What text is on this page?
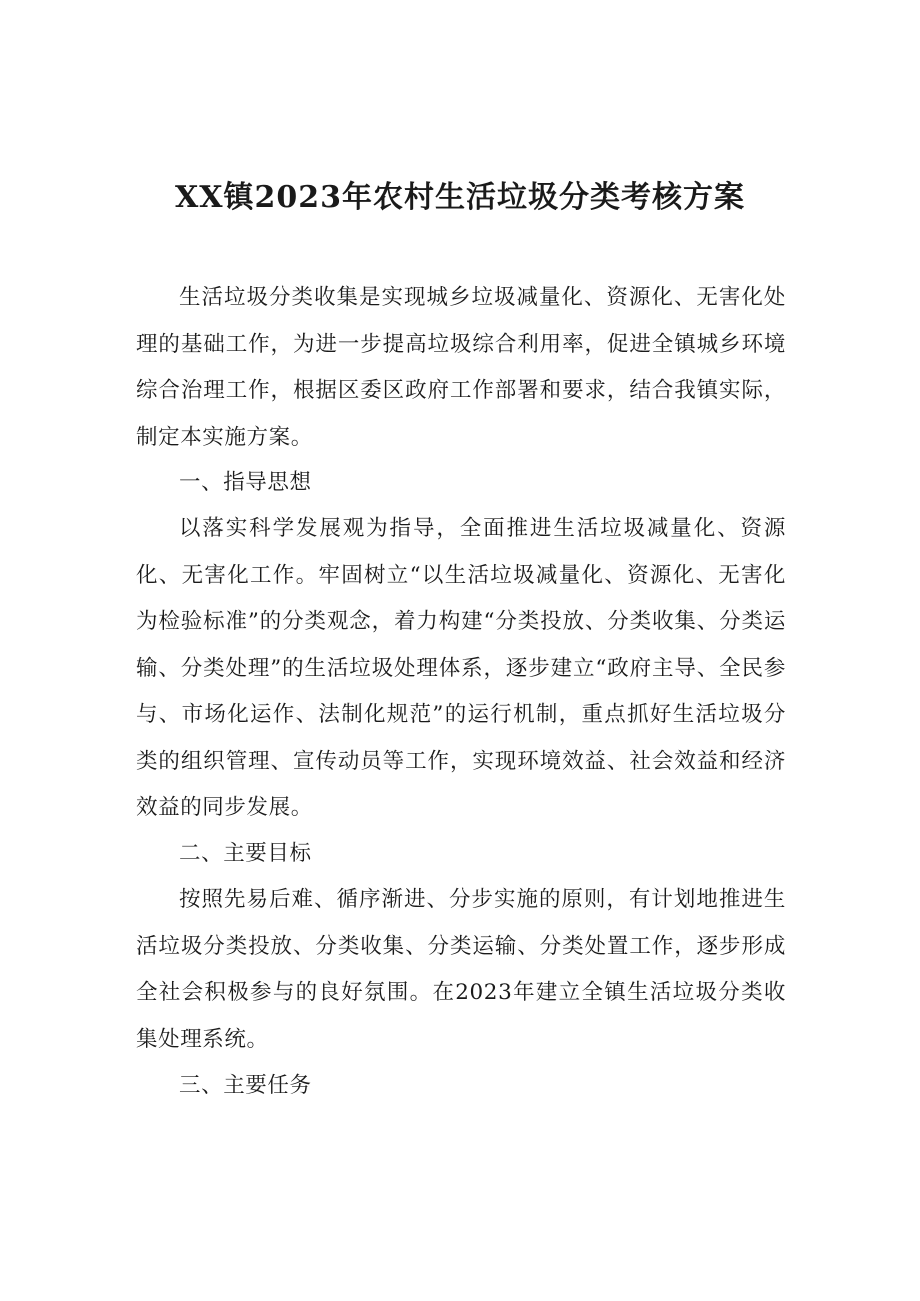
XX镇2023年农村生活垃圾分类考核方案

生活垃圾分类收集是实现城乡垃圾减量化、资源化、无害化处理的基础工作，为进一步提高垃圾综合利用率，促进全镇城乡环境综合治理工作，根据区委区政府工作部署和要求，结合我镇实际，制定本实施方案。

一、指导思想

以落实科学发展观为指导，全面推进生活垃圾减量化、资源化、无害化工作。牢固树立“以生活垃圾减量化、资源化、无害化为检验标准”的分类观念，着力构建“分类投放、分类收集、分类运输、分类处理”的生活垃圾处理体系，逐步建立“政府主导、全民参与、市场化运作、法制化规范”的运行机制，重点抓好生活垃圾分类的组织管理、宣传动员等工作，实现环境效益、社会效益和经济效益的同步发展。

二、主要目标

按照先易后难、循序渐进、分步实施的原则，有计划地推进生活垃圾分类投放、分类收集、分类运输、分类处置工作，逐步形成全社会积极参与的良好氛围。在2023年建立全镇生活垃圾分类收集处理系统。

三、主要任务
